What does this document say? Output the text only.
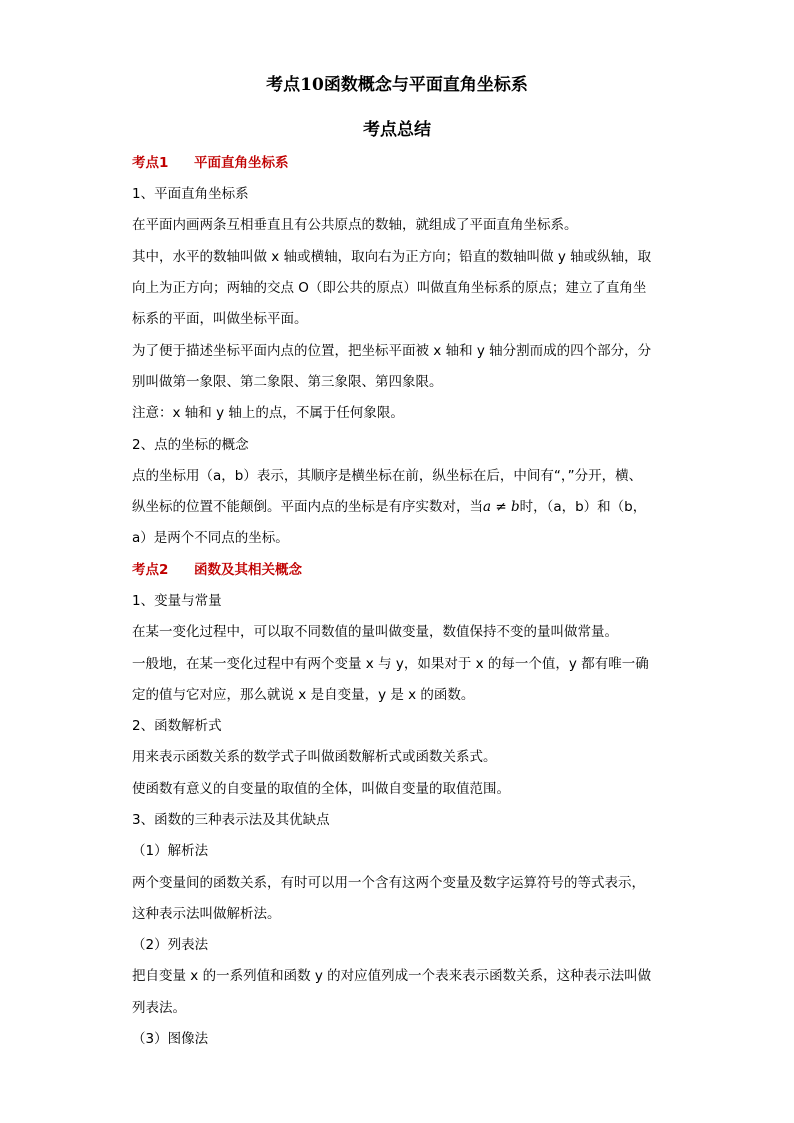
考点10函数概念与平面直角坐标系
考点总结
考点1 平面直角坐标系
1、平面直角坐标系
在平面内画两条互相垂直且有公共原点的数轴，就组成了平面直角坐标系。
其中，水平的数轴叫做 x 轴或横轴，取向右为正方向；铅直的数轴叫做 y 轴或纵轴，取
向上为正方向；两轴的交点 O（即公共的原点）叫做直角坐标系的原点；建立了直角坐
标系的平面，叫做坐标平面。
为了便于描述坐标平面内点的位置，把坐标平面被 x 轴和 y 轴分割而成的四个部分，分
别叫做第一象限、第二象限、第三象限、第四象限。
注意：x 轴和 y 轴上的点，不属于任何象限。
2、点的坐标的概念
点的坐标用（a，b）表示，其顺序是横坐标在前，纵坐标在后，中间有“，”分开，横、
纵坐标的位置不能颠倒。平面内点的坐标是有序实数对，当a ≠ b时，（a，b）和（b，
a）是两个不同点的坐标。
考点2 函数及其相关概念
1、变量与常量
在某一变化过程中，可以取不同数值的量叫做变量，数值保持不变的量叫做常量。
一般地，在某一变化过程中有两个变量 x 与 y，如果对于 x 的每一个值，y 都有唯一确
定的值与它对应，那么就说 x 是自变量，y 是 x 的函数。
2、函数解析式
用来表示函数关系的数学式子叫做函数解析式或函数关系式。
使函数有意义的自变量的取值的全体，叫做自变量的取值范围。
3、函数的三种表示法及其优缺点
（1）解析法
两个变量间的函数关系，有时可以用一个含有这两个变量及数字运算符号的等式表示，
这种表示法叫做解析法。
（2）列表法
把自变量 x 的一系列值和函数 y 的对应值列成一个表来表示函数关系，这种表示法叫做
列表法。
（3）图像法
